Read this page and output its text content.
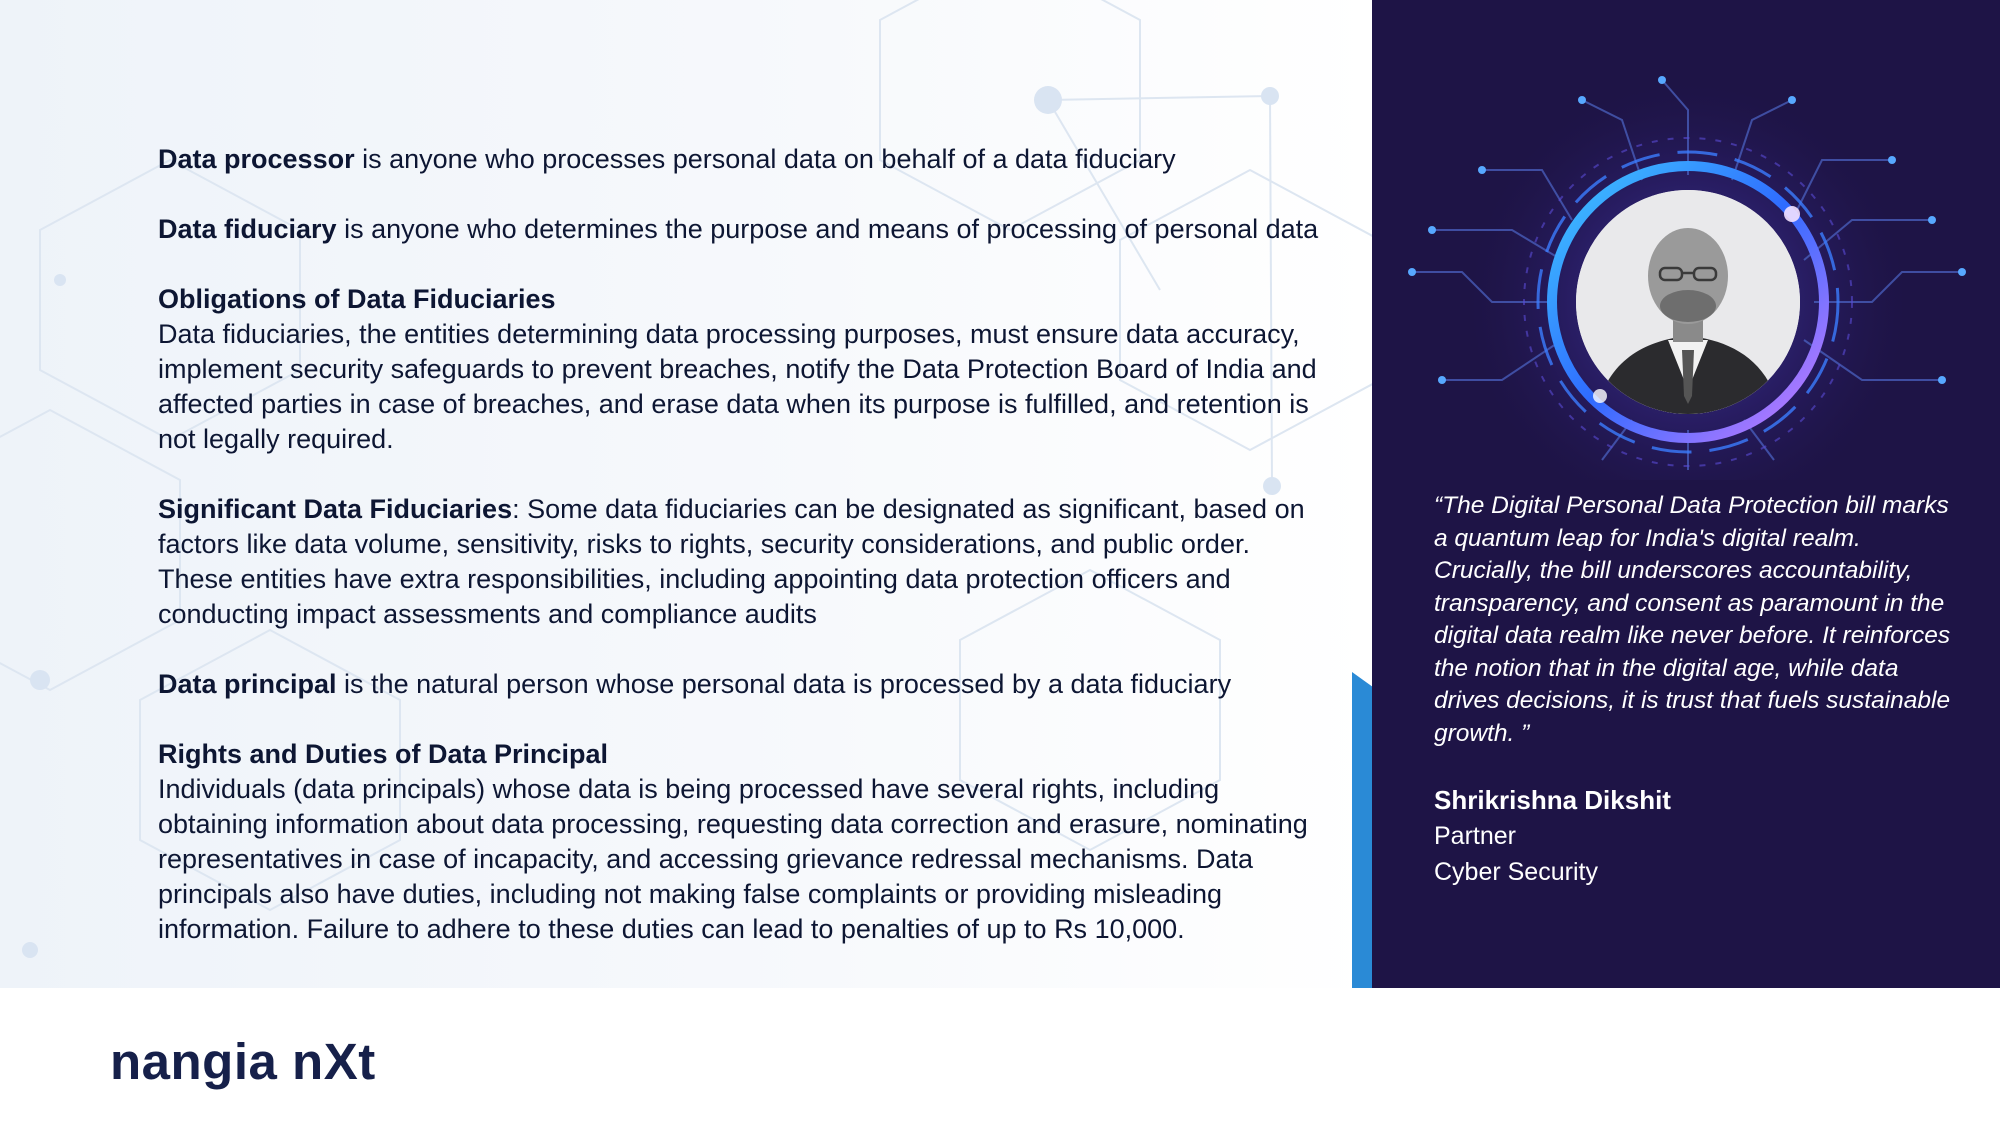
Data processor is anyone who processes personal data on behalf of a data fiduciary

Data fiduciary is anyone who determines the purpose and means of processing of personal data

Obligations of Data Fiduciaries
Data fiduciaries, the entities determining data processing purposes, must ensure data accuracy, implement security safeguards to prevent breaches, notify the Data Protection Board of India and affected parties in case of breaches, and erase data when its purpose is fulfilled, and retention is not legally required.

Significant Data Fiduciaries: Some data fiduciaries can be designated as significant, based on factors like data volume, sensitivity, risks to rights, security considerations, and public order. These entities have extra responsibilities, including appointing data protection officers and conducting impact assessments and compliance audits

Data principal is the natural person whose personal data is processed by a data fiduciary

Rights and Duties of Data Principal
Individuals (data principals) whose data is being processed have several rights, including obtaining information about data processing, requesting data correction and erasure, nominating representatives in case of incapacity, and accessing grievance redressal mechanisms. Data principals also have duties, including not making false complaints or providing misleading information. Failure to adhere to these duties can lead to penalties of up to Rs 10,000.

“The Digital Personal Data Protection bill marks a quantum leap for India's digital realm. Crucially, the bill underscores accountability, transparency, and consent as paramount in the digital data realm like never before. It reinforces the notion that in the digital age, while data drives decisions, it is trust that fuels sustainable growth. ”

Shrikrishna Dikshit
Partner
Cyber Security
nangia nXt
